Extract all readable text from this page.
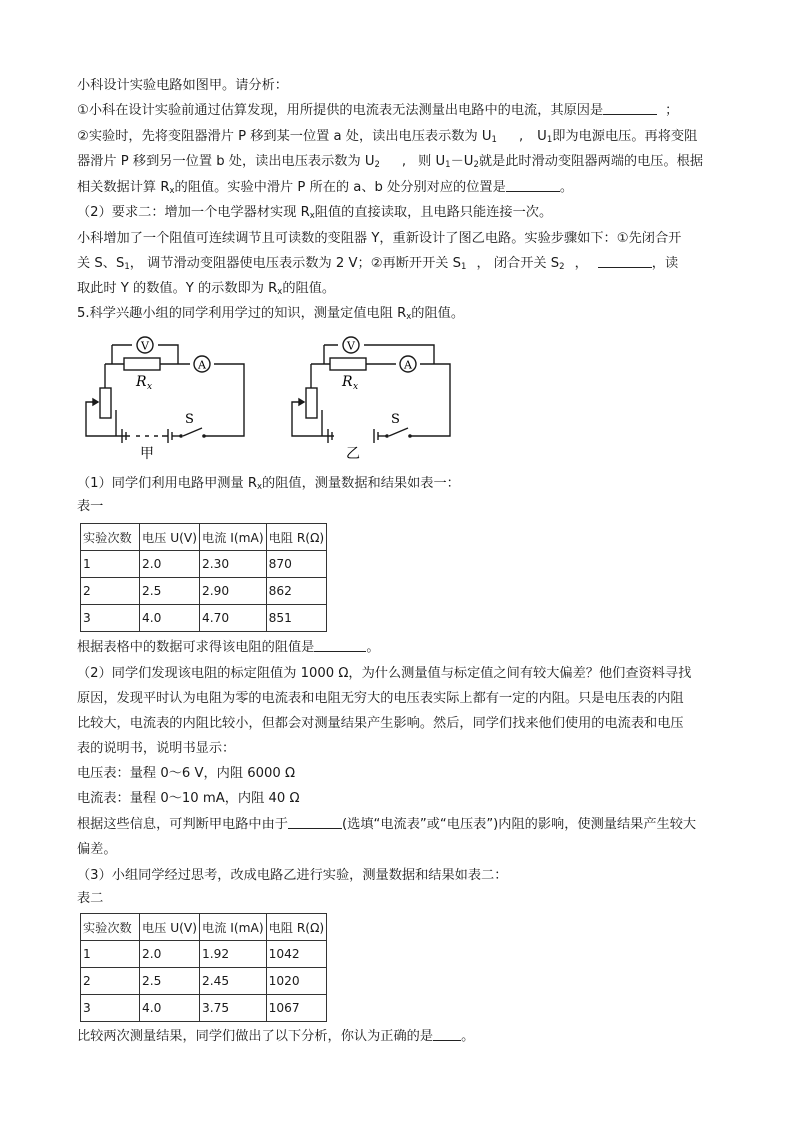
小科设计实验电路如图甲。请分析：
①小科在设计实验前通过估算发现，用所提供的电流表无法测量出电路中的电流，其原因是	；
②实验时，先将变阻器滑片 P 移到某一位置 a 处，读出电压表示数为 $U_1$ , $U_1$即为电源电压。再将变阻
器滑片 P 移到另一位置 b 处，读出电压表示数为 $U_2$ , 则 $U_1-U_2$就是此时滑动变阻器两端的电压。根据
相关数据计算 $R_x$的阻值。实验中滑片 P 所在的 a、b 处分别对应的位置是	。
（2）要求二：增加一个电学器材实现 $R_x$阻值的直接读取，且电路只能连接一次。
小科增加了一个阻值可连续调节且可读数的变阻器 Y，重新设计了图乙电路。实验步骤如下：①先闭合开
关 S、$S_1$， 调节滑动变阻器使电压表示数为 2 V；②再断开开关 $S_1$ ， 闭合开关 $S_2$ ，	，读
取此时 Y 的数值。Y 的示数即为 $R_x$的阻值。
5.科学兴趣小组的同学利用学过的知识，测量定值电阻 $R_x$的阻值。
V
A
R x
S
甲
V
A
R x
S
乙
（1）同学们利用电路甲测量 $R_x$的阻值，测量数据和结果如表一：
表一
实验次数	电压 U(V)	电流 I(mA)	电阻 R(Ω)
1	2.0	2.30	870
2	2.5	2.90	862
3	4.0	4.70	851
根据表格中的数据可求得该电阻的阻值是	。
（2）同学们发现该电阻的标定阻值为 1000 Ω，为什么测量值与标定值之间有较大偏差？他们查资料寻找
原因，发现平时认为电阻为零的电流表和电阻无穷大的电压表实际上都有一定的内阻。只是电压表的内阻
比较大，电流表的内阻比较小，但都会对测量结果产生影响。然后，同学们找来他们使用的电流表和电压
表的说明书，说明书显示：
电压表：量程 0～6 V，内阻 6000 Ω
电流表：量程 0～10 mA，内阻 40 Ω
根据这些信息，可判断甲电路中由于	(选填“电流表”或“电压表”)内阻的影响，使测量结果产生较大
偏差。
（3）小组同学经过思考，改成电路乙进行实验，测量数据和结果如表二：
表二
实验次数	电压 U(V)	电流 I(mA)	电阻 R(Ω)
1	2.0	1.92	1042
2	2.5	2.45	1020
3	4.0	3.75	1067
比较两次测量结果，同学们做出了以下分析，你认为正确的是 。
